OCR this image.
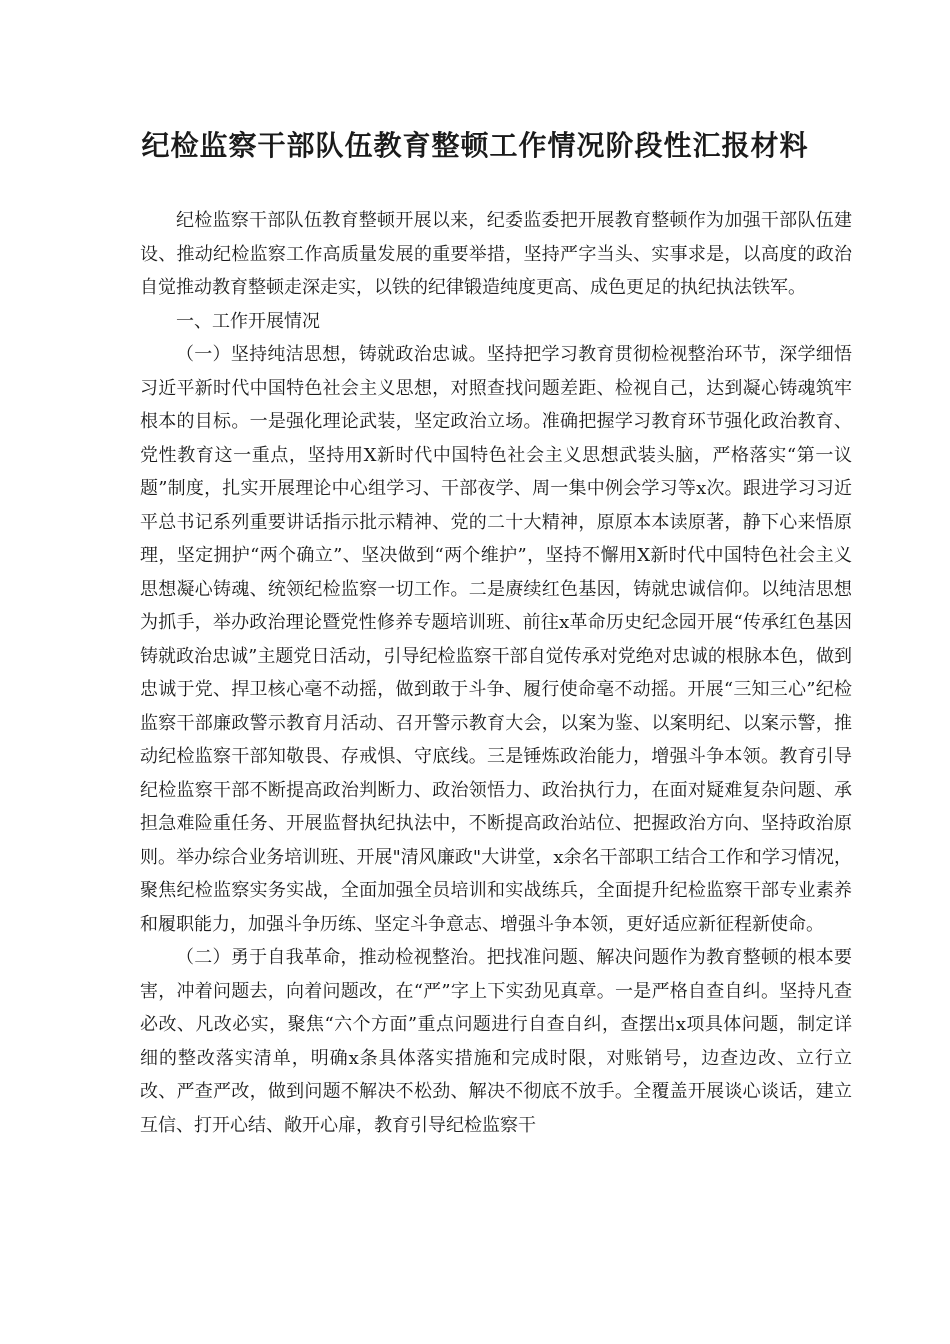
纪检监察干部队伍教育整顿工作情况阶段性汇报材料

纪检监察干部队伍教育整顿开展以来，纪委监委把开展教育整顿作为加强干部队伍建设、推动纪检监察工作高质量发展的重要举措，坚持严字当头、实事求是，以高度的政治自觉推动教育整顿走深走实，以铁的纪律锻造纯度更高、成色更足的执纪执法铁军。

一、工作开展情况

（一）坚持纯洁思想，铸就政治忠诚。坚持把学习教育贯彻检视整治环节，深学细悟习近平新时代中国特色社会主义思想，对照查找问题差距、检视自己，达到凝心铸魂筑牢根本的目标。一是强化理论武装，坚定政治立场。准确把握学习教育环节强化政治教育、党性教育这一重点，坚持用X新时代中国特色社会主义思想武装头脑，严格落实“第一议题”制度，扎实开展理论中心组学习、干部夜学、周一集中例会学习等x次。跟进学习习近平总书记系列重要讲话指示批示精神、党的二十大精神，原原本本读原著，静下心来悟原理，坚定拥护“两个确立”、坚决做到“两个维护”，坚持不懈用X新时代中国特色社会主义思想凝心铸魂、统领纪检监察一切工作。二是赓续红色基因，铸就忠诚信仰。以纯洁思想为抓手，举办政治理论暨党性修养专题培训班、前往x革命历史纪念园开展“传承红色基因铸就政治忠诚”主题党日活动，引导纪检监察干部自觉传承对党绝对忠诚的根脉本色，做到忠诚于党、捍卫核心毫不动摇，做到敢于斗争、履行使命毫不动摇。开展“三知三心”纪检监察干部廉政警示教育月活动、召开警示教育大会，以案为鉴、以案明纪、以案示警，推动纪检监察干部知敬畏、存戒惧、守底线。三是锤炼政治能力，增强斗争本领。教育引导纪检监察干部不断提高政治判断力、政治领悟力、政治执行力，在面对疑难复杂问题、承担急难险重任务、开展监督执纪执法中，不断提高政治站位、把握政治方向、坚持政治原则。举办综合业务培训班、开展"清风廉政"大讲堂，x余名干部职工结合工作和学习情况，聚焦纪检监察实务实战，全面加强全员培训和实战练兵，全面提升纪检监察干部专业素养和履职能力，加强斗争历练、坚定斗争意志、增强斗争本领，更好适应新征程新使命。

（二）勇于自我革命，推动检视整治。把找准问题、解决问题作为教育整顿的根本要害，冲着问题去，向着问题改，在“严”字上下实劲见真章。一是严格自查自纠。坚持凡查必改、凡改必实，聚焦“六个方面”重点问题进行自查自纠，查摆出x项具体问题，制定详细的整改落实清单，明确x条具体落实措施和完成时限，对账销号，边查边改、立行立改、严查严改，做到问题不解决不松劲、解决不彻底不放手。全覆盖开展谈心谈话，建立互信、打开心结、敞开心扉，教育引导纪检监察干
